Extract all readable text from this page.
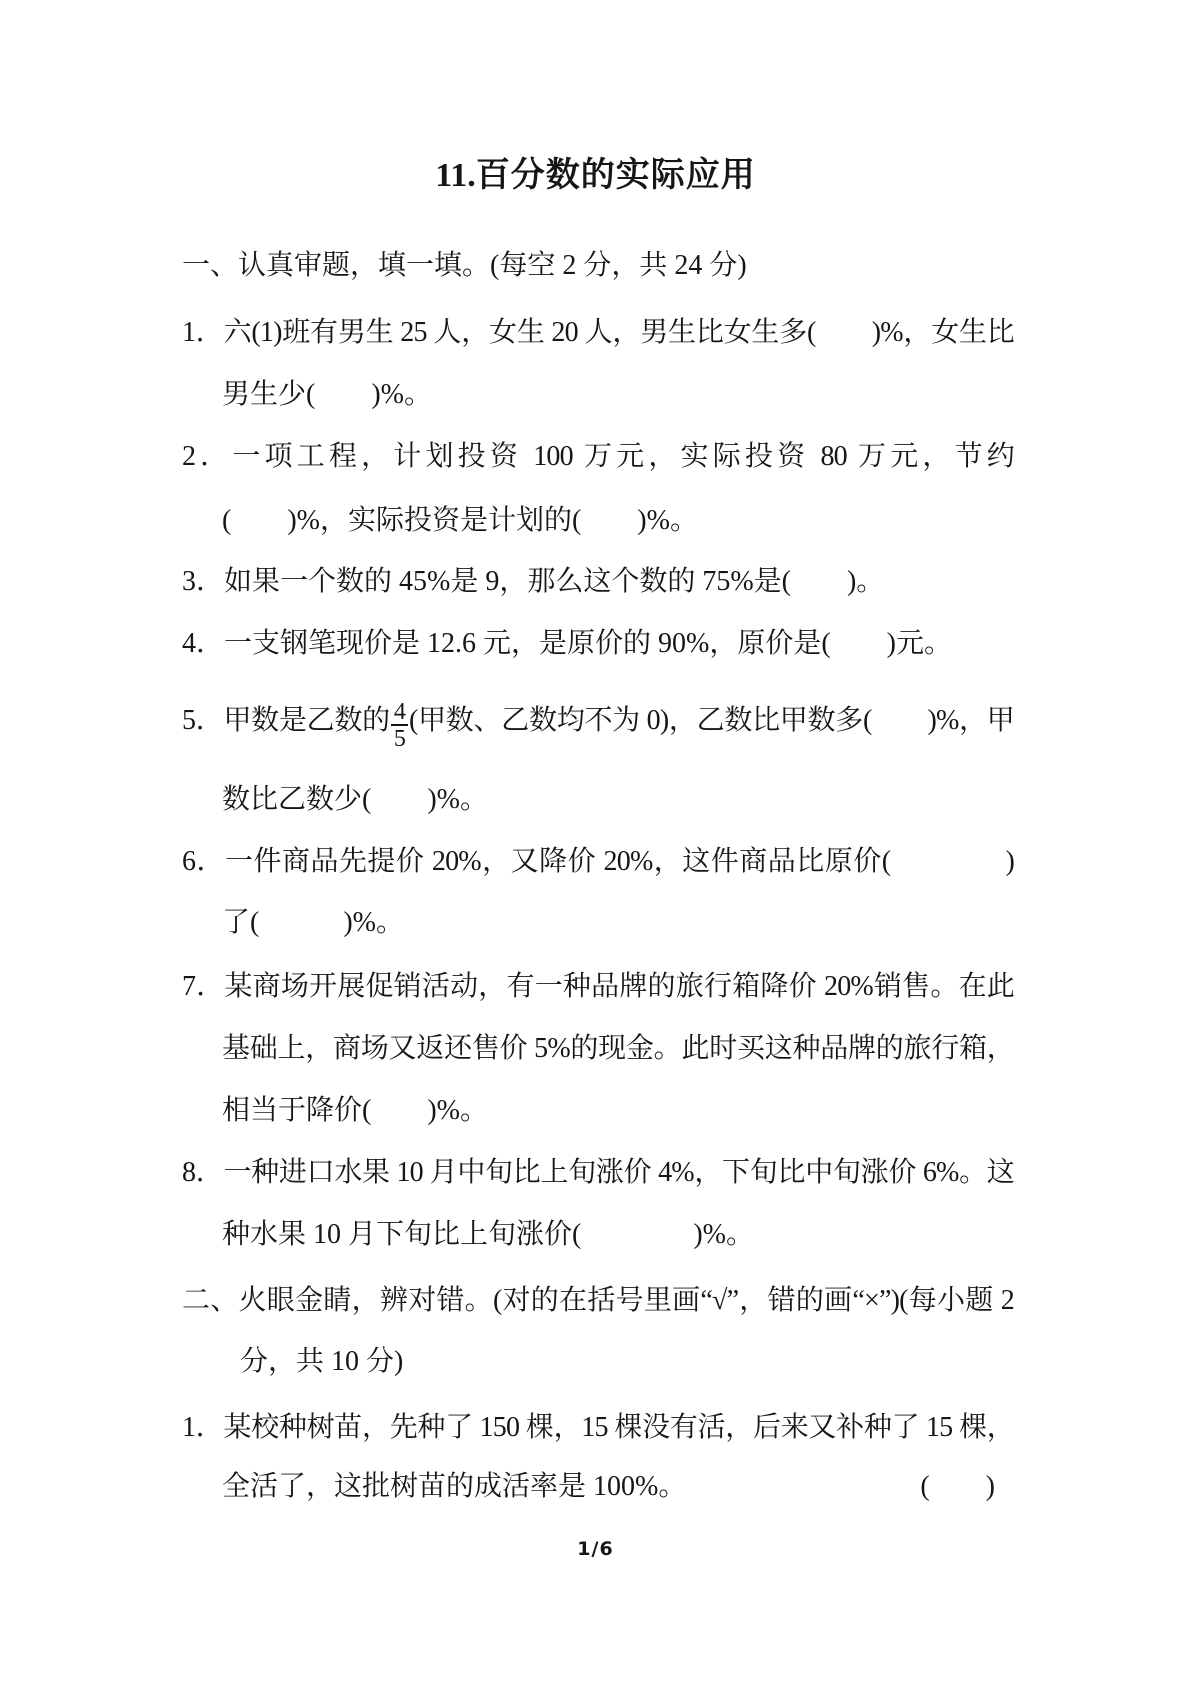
11.百分数的实际应用
一、认真审题，填一填。(每空 2 分，共 24 分)
1．六(1)班有男生 25 人，女生 20 人，男生比女生多(　　)%，女生比
男生少(　　)%。
2．一项工程，计划投资 100 万元，实际投资 80 万元，节约
(　　)%，实际投资是计划的(　　)%。
3．如果一个数的 45%是 9，那么这个数的 75%是(　　)。
4．一支钢笔现价是 12.6 元，是原价的 90%，原价是(　　)元。
5．甲数是乙数的 $\frac{4}{5}$ (甲数、乙数均不为 0)，乙数比甲数多(　　)%，甲
数比乙数少(　　)%。
6．一件商品先提价 20%，又降价 20%，这件商品比原价(　　　　)
了(　　　)%。
7．某商场开展促销活动，有一种品牌的旅行箱降价 20%销售。在此
基础上，商场又返还售价 5%的现金。此时买这种品牌的旅行箱，
相当于降价(　　)%。
8．一种进口水果 10 月中旬比上旬涨价 4%，下旬比中旬涨价 6%。这
种水果 10 月下旬比上旬涨价(　　　　)%。
二、火眼金睛，辨对错。(对的在括号里画“√”，错的画“×”)(每小题 2
分，共 10 分)
1．某校种树苗，先种了 150 棵，15 棵没有活，后来又补种了 15 棵，
全活了，这批树苗的成活率是 100%。	(　　)
1/6
